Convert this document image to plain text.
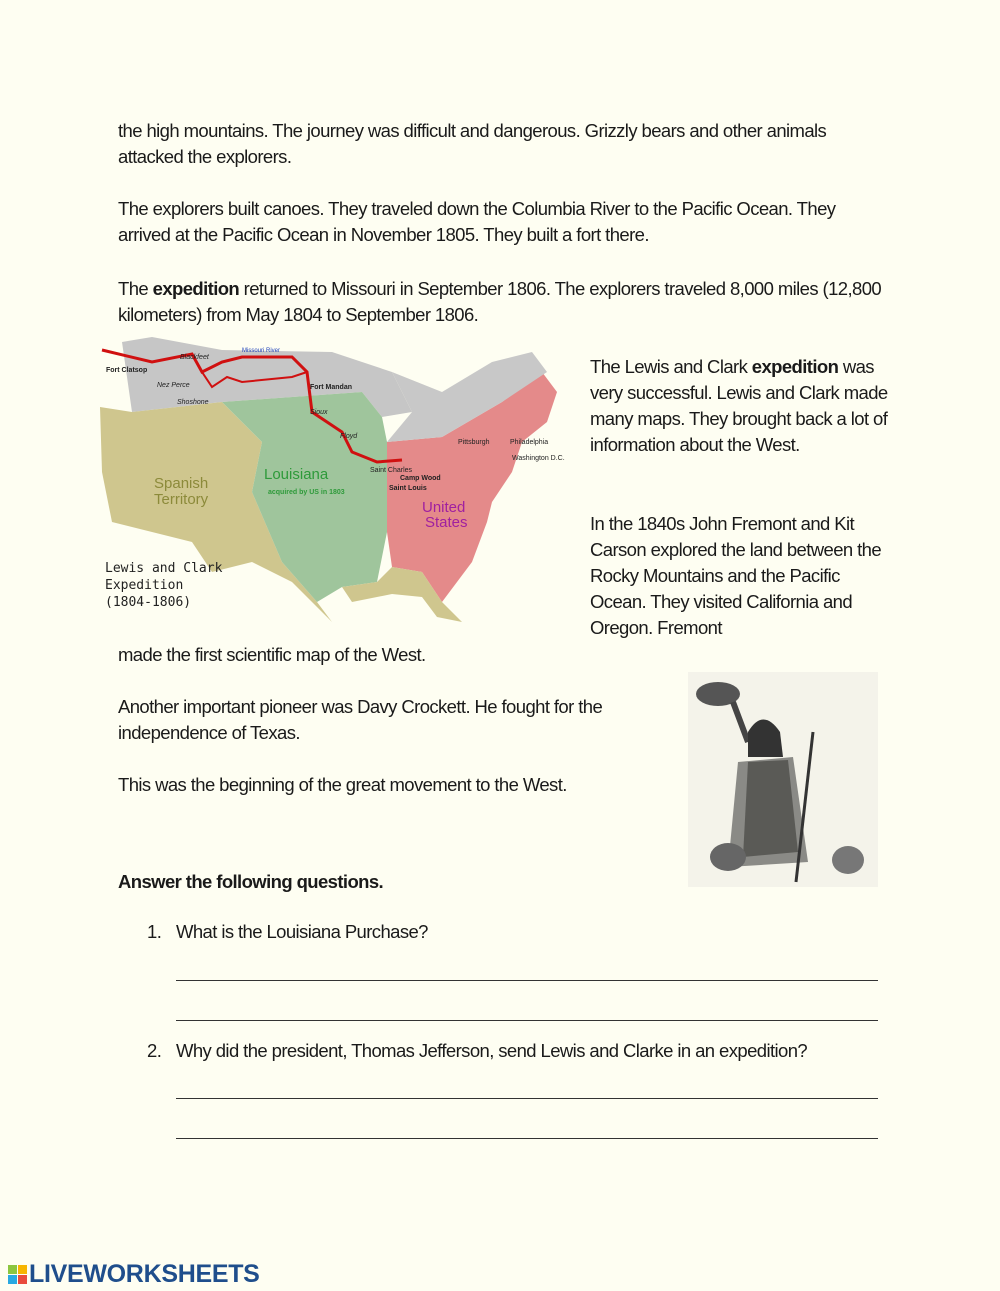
the high mountains. The journey was difficult and dangerous. Grizzly bears and other animals attacked the explorers.

The explorers built canoes. They traveled down the Columbia River to the Pacific Ocean. They arrived at the Pacific Ocean in November 1805. They built a fort there.

The expedition returned to Missouri in September 1806. The explorers traveled 8,000 miles (12,800 kilometers) from May 1804 to September 1806.

Fort Clatsop
Blackfeet
Nez Perce
Shoshone
Missouri River
Fort Mandan
Sioux
Floyd
Louisiana
acquired by US in 1803
Spanish
Territory
Saint Charles
Camp Wood
Saint Louis
Pittsburgh	Philadelphia
Washington D.C.
United
States
Lewis and Clark
Expedition
(1804-1806)

The Lewis and Clark expedition was very successful. Lewis and Clark made many maps. They brought back a lot of information about the West.

In the 1840s John Fremont and Kit Carson explored the land between the Rocky Mountains and the Pacific Ocean. They visited California and Oregon. Fremont

made the first scientific map of the West.

Another important pioneer was Davy Crockett. He fought for the independence of Texas.

This was the beginning of the great movement to the West.

Answer the following questions.

1. What is the Louisiana Purchase?
2. Why did the president, Thomas Jefferson, send Lewis and Clarke in an expedition?
LIVEWORKSHEETS
